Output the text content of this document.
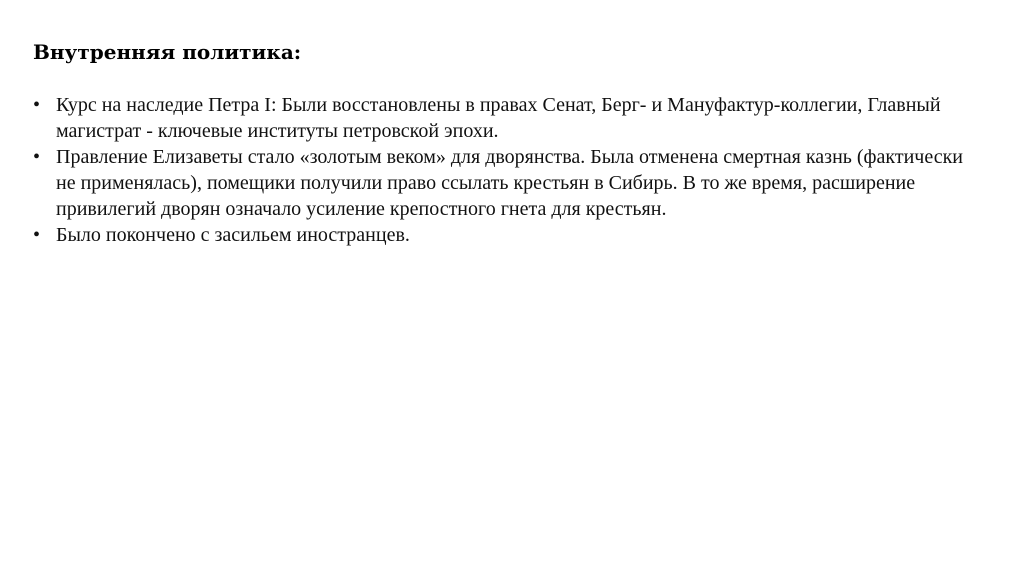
Внутренняя политика:
• Курс на наследие Петра I: Были восстановлены в правах Сенат, Берг- и Мануфактур-коллегии, Главный магистрат - ключевые институты петровской эпохи.
• Правление Елизаветы стало «золотым веком» для дворянства. Была отменена смертная казнь (фактически не применялась), помещики получили право ссылать крестьян в Сибирь. В то же время, расширение привилегий дворян означало усиление крепостного гнета для крестьян.
• Было покончено с засильем иностранцев.
